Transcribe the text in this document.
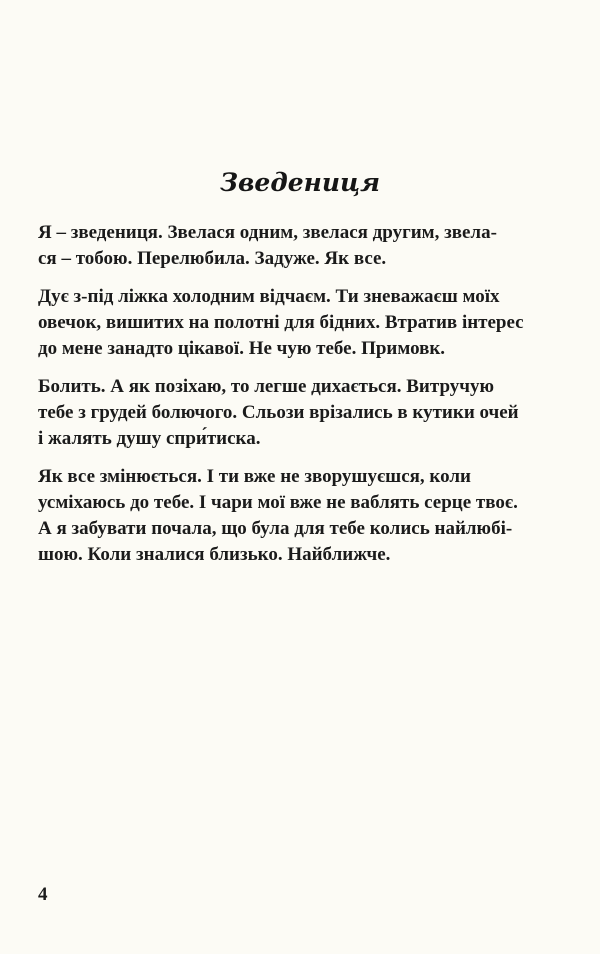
Зведениця

Я – зведениця. Звелася одним, звелася другим, звела-
ся – тобою. Перелюбила. Задуже. Як все.

Дує з-під ліжка холодним відчаєм. Ти зневажаєш моїх
овечок, вишитих на полотні для бідних. Втратив інтерес
до мене занадто цікавої. Не чую тебе. Примовк.

Болить. А як позіхаю, то легше дихається. Витручую
тебе з грудей болючого. Сльози врізались в кутики очей
і жалять душу спри́тиска.

Як все змінюється. І ти вже не зворушуєшся, коли
усміхаюсь до тебе. І чари мої вже не ваблять серце твоє.
А я забувати почала, що була для тебе колись найлюбі-
шою. Коли зналися близько. Найближче.

4
